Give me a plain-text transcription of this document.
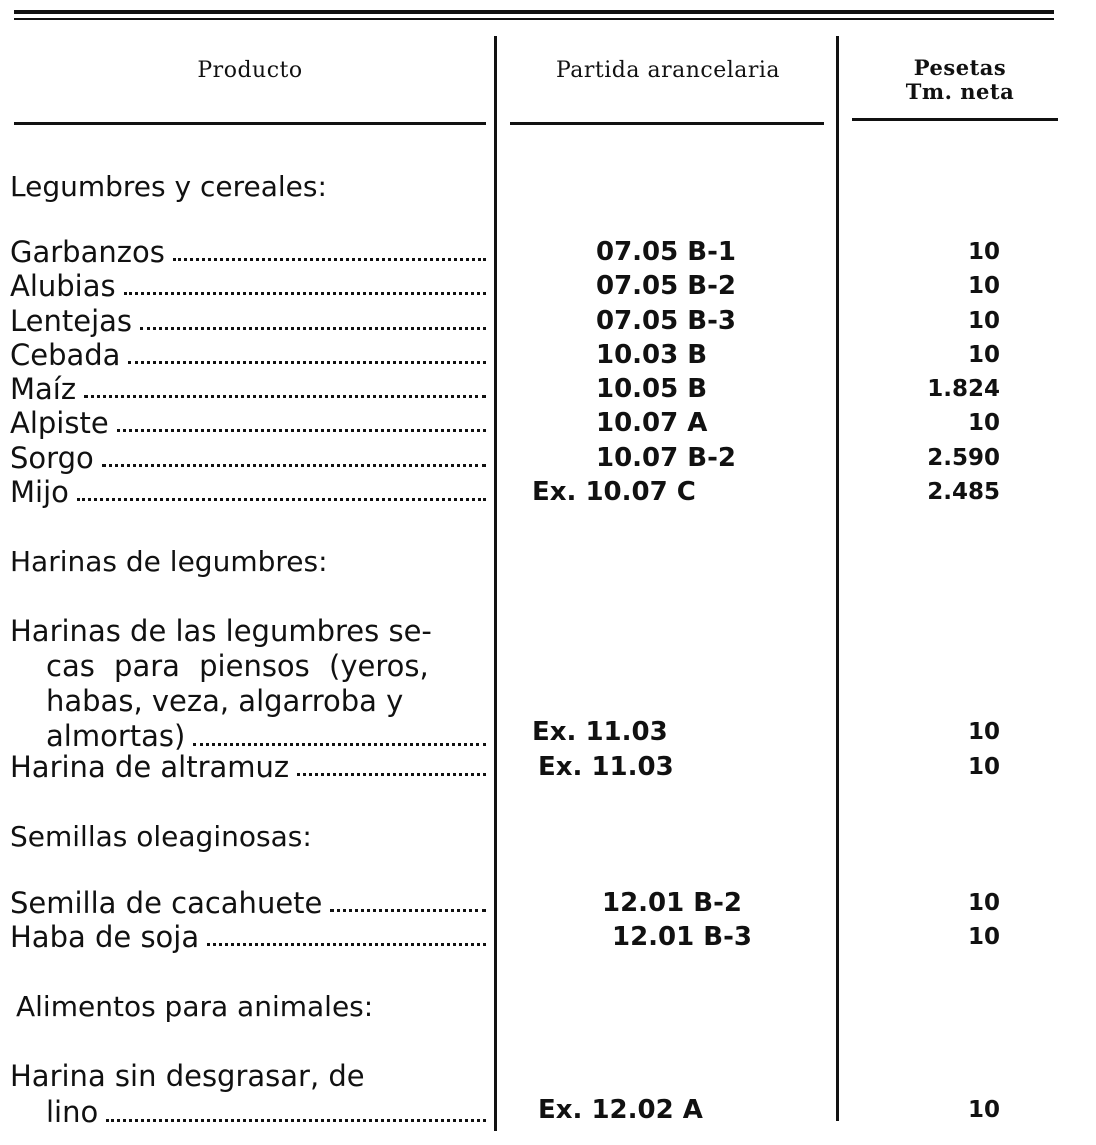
Producto	Partida arancelaria	Pesetas
Tm. neta
Legumbres y cereales:
Garbanzos	07.05 B-1	10
Alubias	07.05 B-2	10
Lentejas	07.05 B-3	10
Cebada	10.03 B	10
Maíz	10.05 B	1.824
Alpiste	10.07 A	10
Sorgo	10.07 B-2	2.590
Mijo	Ex. 10.07 C	2.485
Harinas de legumbres:
Harinas de las legumbres se-
cas para piensos (yeros,
habas, veza, algarroba y
almortas)	Ex. 11.03	10
Harina de altramuz	Ex. 11.03	10
Semillas oleaginosas:
Semilla de cacahuete	12.01 B-2	10
Haba de soja	12.01 B-3	10
Alimentos para animales:
Harina sin desgrasar, de
lino	Ex. 12.02 A	10
